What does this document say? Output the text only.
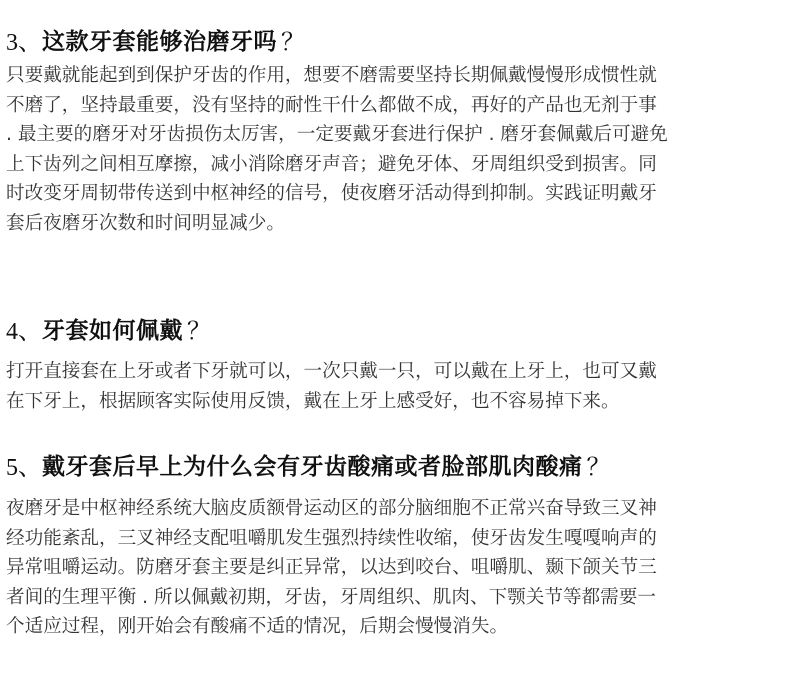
3、 这款牙套能够治磨牙吗 ？
只要戴就能起到到保护牙齿的作用，想要不磨需要坚持长期佩戴慢慢形成惯性就
不磨了，坚持最重要，没有坚持的耐性干什么都做不成，再好的产品也无剂于事
. 最主要的磨牙对牙齿损伤太厉害，一定要戴牙套进行保护 . 磨牙套佩戴后可避免
上下齿列之间相互摩擦，减小消除磨牙声音；避免牙体、牙周组织受到损害。同
时改变牙周韧带传送到中枢神经的信号，使夜磨牙活动得到抑制。实践证明戴牙
套后夜磨牙次数和时间明显减少。
4、 牙套如何佩戴 ？
打开直接套在上牙或者下牙就可以，一次只戴一只，可以戴在上牙上，也可又戴
在下牙上，根据顾客实际使用反馈，戴在上牙上感受好，也不容易掉下来。
5、 戴牙套后早上为什么会有牙齿酸痛或者脸部肌肉酸痛 ？
夜磨牙是中枢神经系统大脑皮质额骨运动区的部分脑细胞不正常兴奋导致三叉神
经功能紊乱，三叉神经支配咀嚼肌发生强烈持续性收缩，使牙齿发生嘎嘎响声的
异常咀嚼运动。防磨牙套主要是纠正异常，以达到咬台、咀嚼肌、颞下颌关节三
者间的生理平衡 . 所以佩戴初期，牙齿，牙周组织、肌肉、下颚关节等都需要一
个适应过程，刚开始会有酸痛不适的情况，后期会慢慢消失。
